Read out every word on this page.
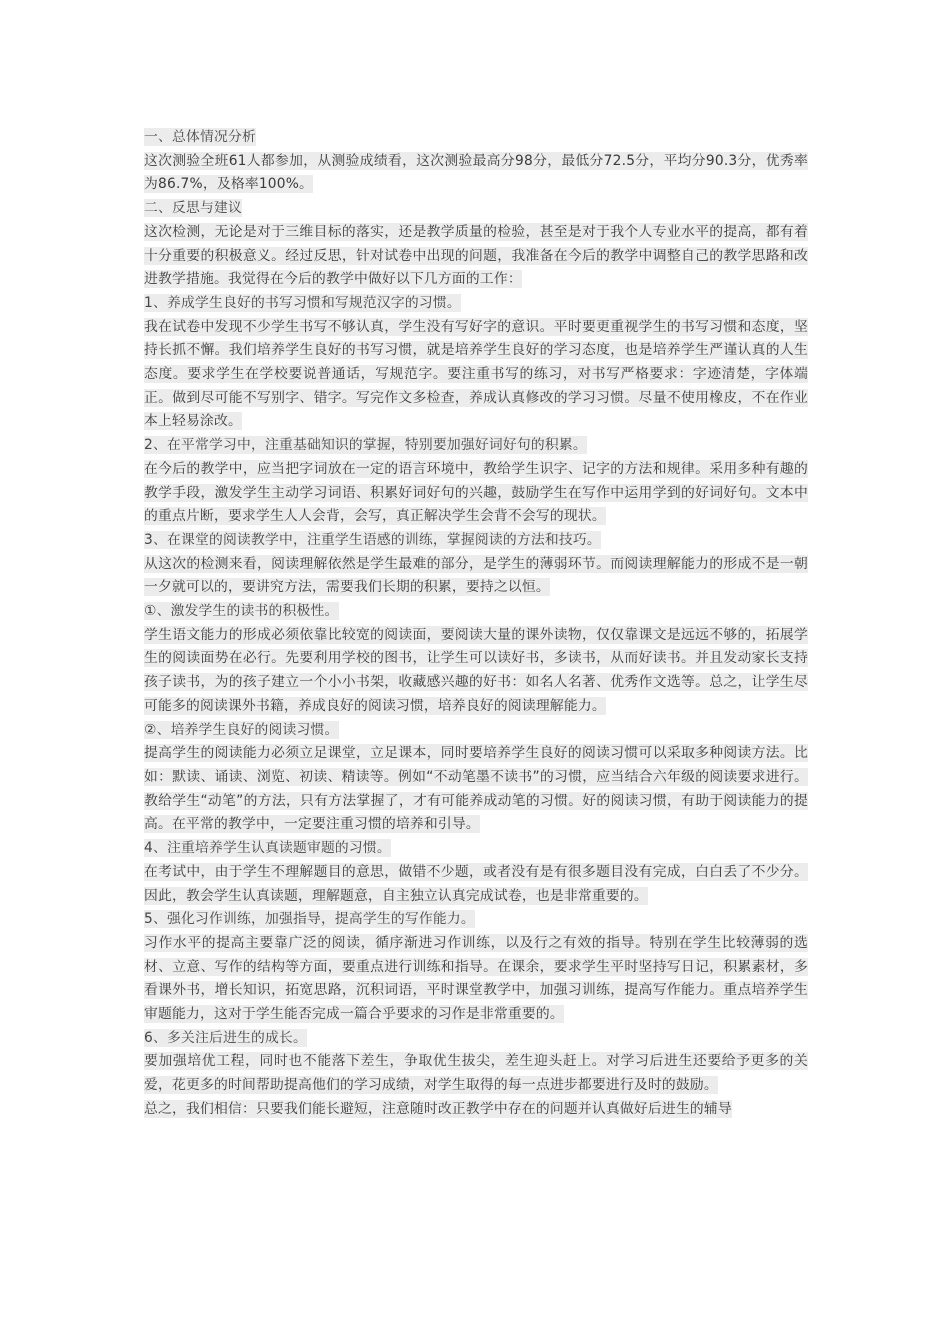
一、总体情况分析

这次测验全班61人都参加，从测验成绩看，这次测验最高分98分，最低分72.5分，平均分90.3分，优秀率为86.7%，及格率100%。

二、反思与建议

这次检测，无论是对于三维目标的落实，还是教学质量的检验，甚至是对于我个人专业水平的提高，都有着十分重要的积极意义。经过反思，针对试卷中出现的问题，我准备在今后的教学中调整自己的教学思路和改进教学措施。我觉得在今后的教学中做好以下几方面的工作：

1、养成学生良好的书写习惯和写规范汉字的习惯。

我在试卷中发现不少学生书写不够认真，学生没有写好字的意识。平时要更重视学生的书写习惯和态度，坚持长抓不懈。我们培养学生良好的书写习惯，就是培养学生良好的学习态度，也是培养学生严谨认真的人生态度。要求学生在学校要说普通话，写规范字。要注重书写的练习，对书写严格要求：字迹清楚，字体端正。做到尽可能不写别字、错字。写完作文多检查，养成认真修改的学习习惯。尽量不使用橡皮，不在作业本上轻易涂改。

2、在平常学习中，注重基础知识的掌握，特别要加强好词好句的积累。

在今后的教学中，应当把字词放在一定的语言环境中，教给学生识字、记字的方法和规律。采用多种有趣的教学手段，激发学生主动学习词语、积累好词好句的兴趣，鼓励学生在写作中运用学到的好词好句。文本中的重点片断，要求学生人人会背，会写，真正解决学生会背不会写的现状。

3、在课堂的阅读教学中，注重学生语感的训练，掌握阅读的方法和技巧。

从这次的检测来看，阅读理解依然是学生最难的部分，是学生的薄弱环节。而阅读理解能力的形成不是一朝一夕就可以的，要讲究方法，需要我们长期的积累，要持之以恒。

①、激发学生的读书的积极性。

学生语文能力的形成必须依靠比较宽的阅读面，要阅读大量的课外读物，仅仅靠课文是远远不够的，拓展学生的阅读面势在必行。先要利用学校的图书，让学生可以读好书，多读书，从而好读书。并且发动家长支持孩子读书，为的孩子建立一个小小书架，收藏感兴趣的好书：如名人名著、优秀作文选等。总之，让学生尽可能多的阅读课外书籍，养成良好的阅读习惯，培养良好的阅读理解能力。

②、培养学生良好的阅读习惯。

提高学生的阅读能力必须立足课堂，立足课本，同时要培养学生良好的阅读习惯可以采取多种阅读方法。比如：默读、诵读、浏览、初读、精读等。例如“不动笔墨不读书”的习惯，应当结合六年级的阅读要求进行。教给学生“动笔”的方法，只有方法掌握了，才有可能养成动笔的习惯。好的阅读习惯，有助于阅读能力的提高。在平常的教学中，一定要注重习惯的培养和引导。

4、注重培养学生认真读题审题的习惯。

在考试中，由于学生不理解题目的意思，做错不少题，或者没有是有很多题目没有完成，白白丢了不少分。因此，教会学生认真读题，理解题意，自主独立认真完成试卷，也是非常重要的。

5、强化习作训练，加强指导，提高学生的写作能力。

习作水平的提高主要靠广泛的阅读，循序渐进习作训练，以及行之有效的指导。特别在学生比较薄弱的选材、立意、写作的结构等方面，要重点进行训练和指导。在课余，要求学生平时坚持写日记，积累素材，多看课外书，增长知识，拓宽思路，沉积词语，平时课堂教学中，加强习训练，提高写作能力。重点培养学生审题能力，这对于学生能否完成一篇合乎要求的习作是非常重要的。

6、多关注后进生的成长。

要加强培优工程，同时也不能落下差生，争取优生拔尖，差生迎头赶上。对学习后进生还要给予更多的关爱，花更多的时间帮助提高他们的学习成绩，对学生取得的每一点进步都要进行及时的鼓励。

总之，我们相信：只要我们能长避短，注意随时改正教学中存在的问题并认真做好后进生的辅导
